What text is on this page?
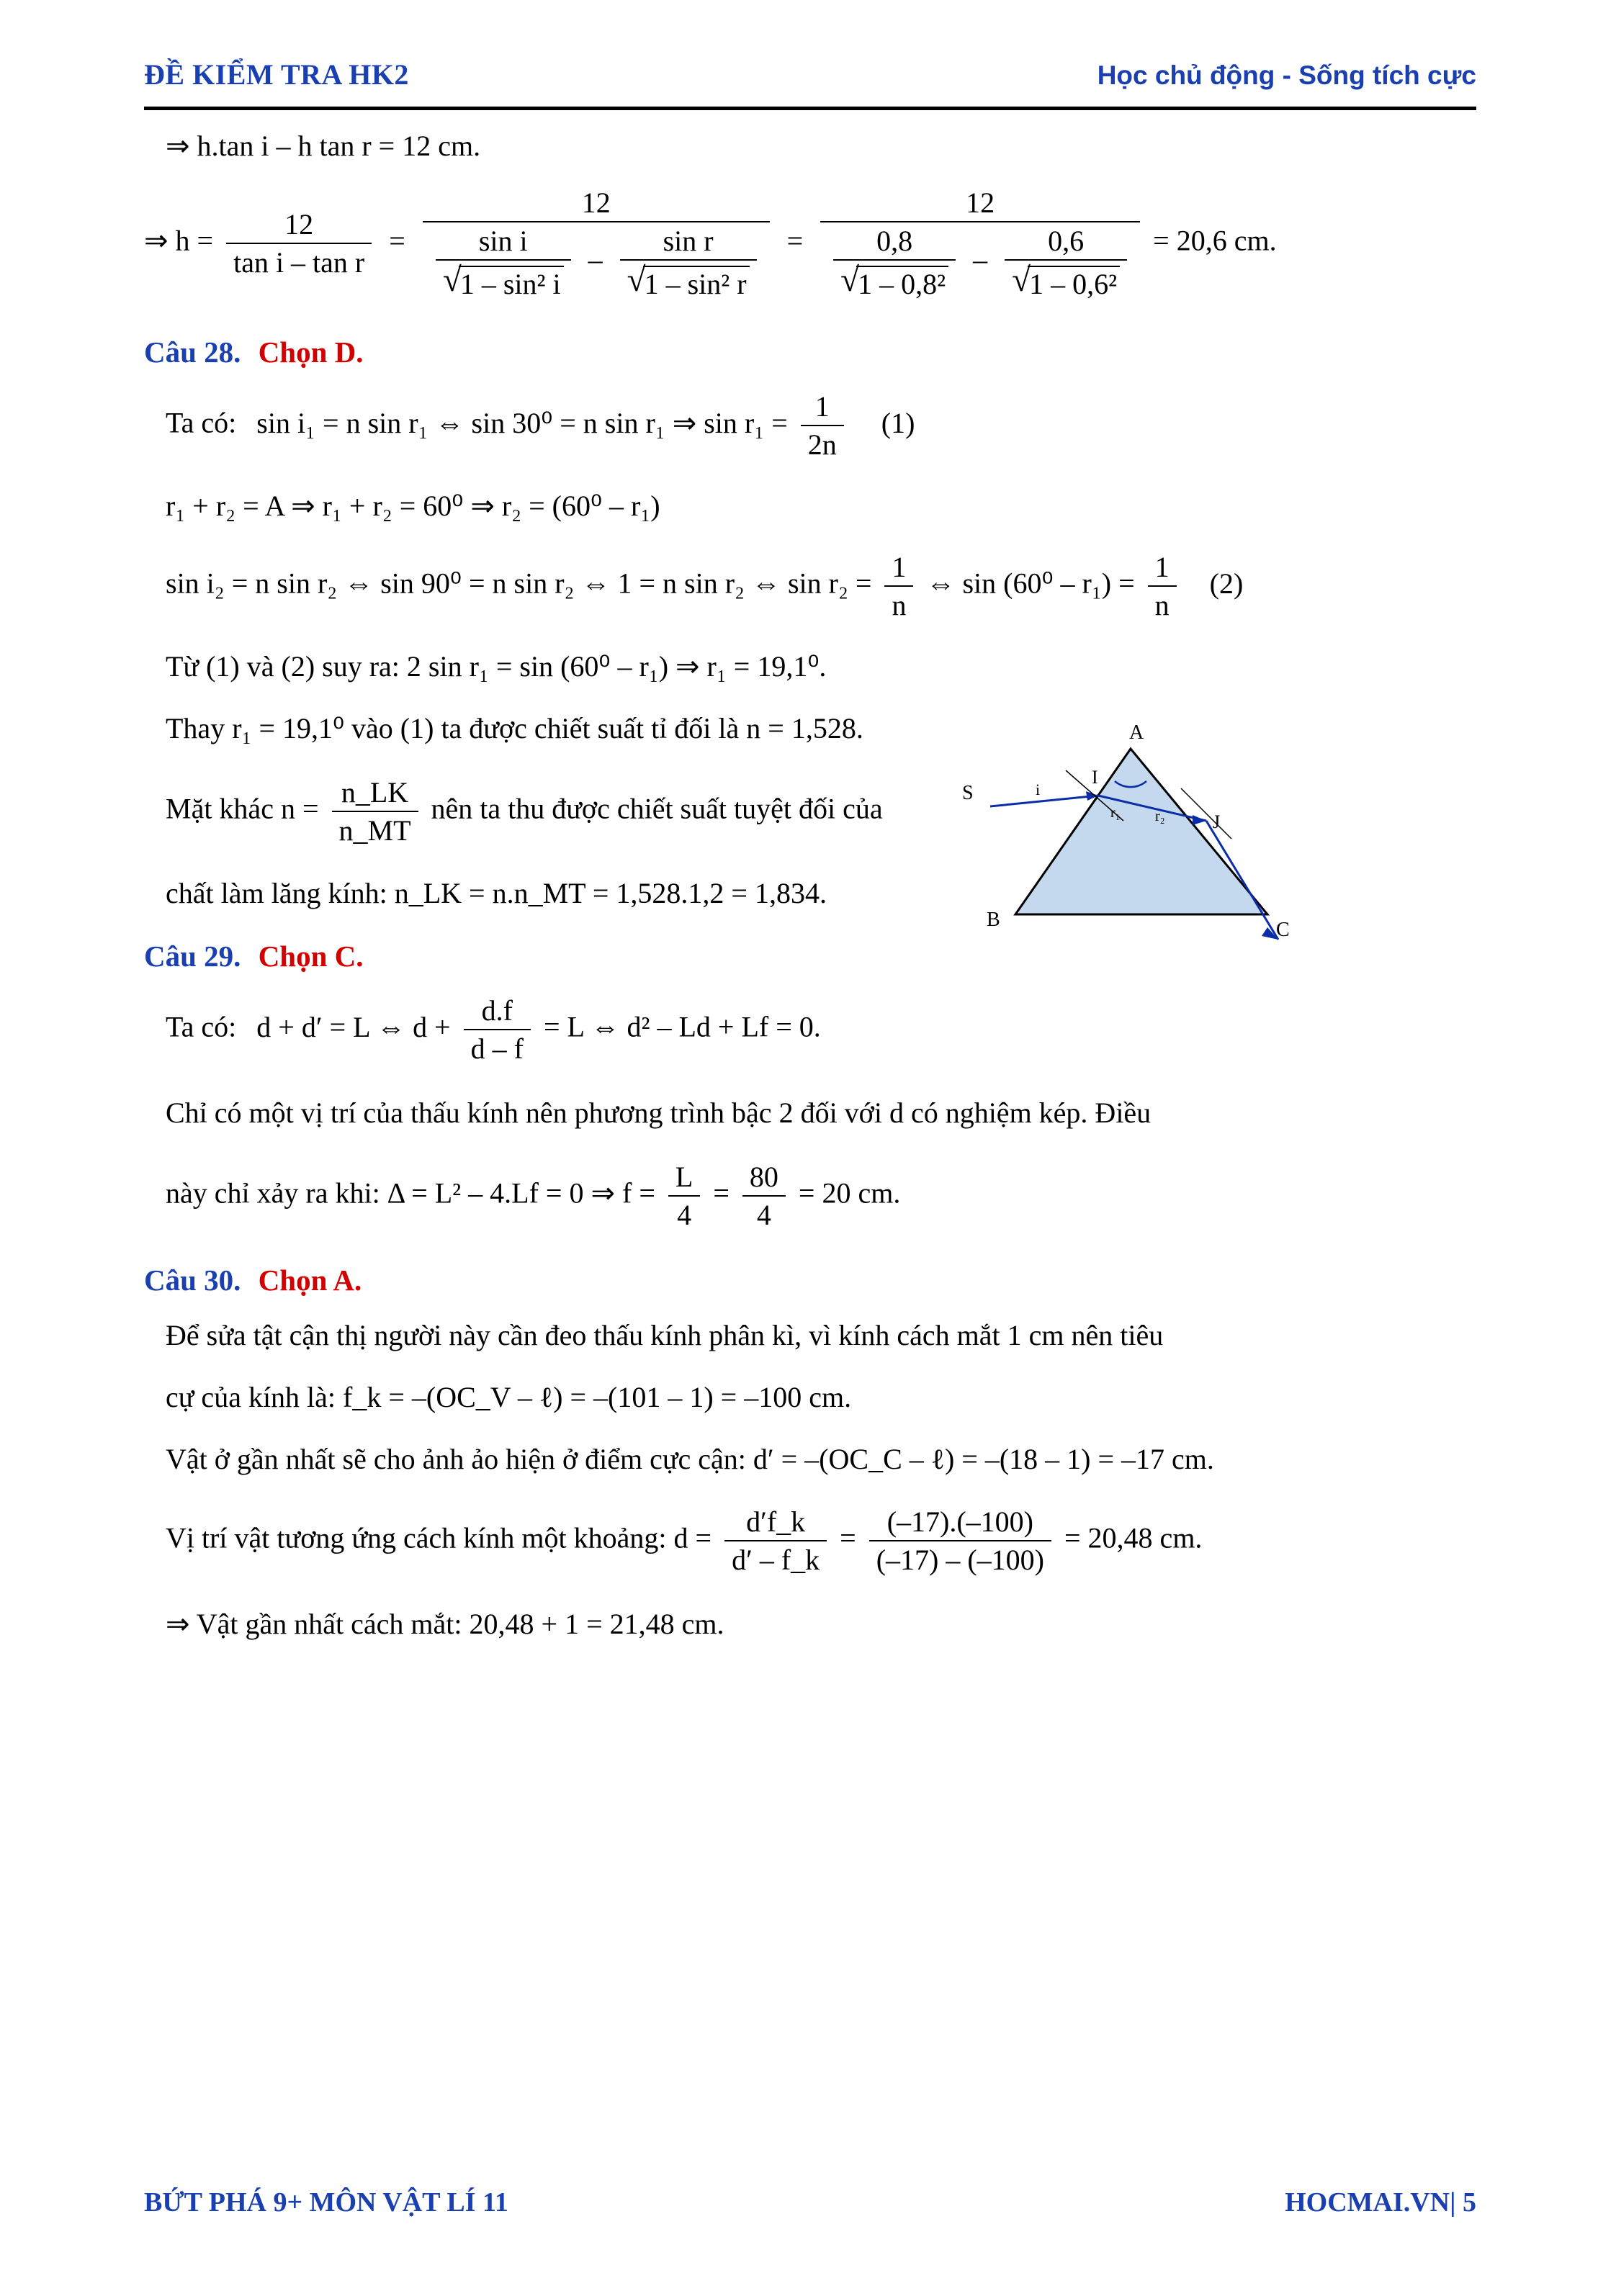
ĐỀ KIỂM TRA HK2	Học chủ động - Sống tích cực
⇒ h.tan i – h tan r = 12 cm.
⇒ $h = \frac{12}{\text{tan i – tan r}}$ =
12
sin i
√ 1 – sin² i – sin r
√ 1 – sin² r =
12
0,8
√ 1 – 0,8² – 0,6
√ 1 – 0,6² = 20,6 cm.
Câu 28. Chọn D.
Ta có: sin i₁ = n sin r₁ ⇔ sin 30⁰ = n sin r₁ ⇒ $\sin r_1 = \frac{1}{2n} (1)$
r₁ + r₂ = A ⇒ r₁ + r₂ = 60⁰ ⇒ r₂ = (60⁰ – r₁)
sin i₂ = n sin r₂ ⇔ sin 90⁰ = n sin r₂ ⇔ 1 = n sin r₂ ⇔ $\sin r_2 = \frac{1}{n}$ ⇔ $\sin (60^0 - r_1) = \frac{1}{n} (2)$
Từ (1) và (2) suy ra: 2 sin r₁ = sin (60⁰ – r₁) ⇒ r₁ = 19,1⁰.
Thay r₁ = 19,1⁰ vào (1) ta được chiết suất tỉ đối là n = 1,528.
Mặt khác $n = \frac{n\_LK}{n\_MT}$ nên ta thu được chiết suất tuyệt đối của
chất làm lăng kính: n_LK = n.n_MT = 1,528.1,2 = 1,834.
Câu 29. Chọn C.
Ta có: d + d′ = L ⇔ $d + \frac{d.f}{d - f} = L$ ⇔ d² – Ld + Lf = 0.
Chỉ có một vị trí của thấu kính nên phương trình bậc 2 đối với d có nghiệm kép. Điều
này chỉ xảy ra khi: Δ = L² – 4.Lf = 0 ⇒ $f = \frac{L}{4} = \frac{80}{4} = 20$ cm.
Câu 30. Chọn A.
Để sửa tật cận thị người này cần đeo thấu kính phân kì, vì kính cách mắt 1 cm nên tiêu
cự của kính là: f_k = –(OC_V – ℓ) = –(101 – 1) = –100 cm.
Vật ở gần nhất sẽ cho ảnh ảo hiện ở điểm cực cận: d′ = –(OC_C – ℓ) = –(18 – 1) = –17 cm.
Vị trí vật tương ứng cách kính một khoảng: $d = \frac{d'f\_k}{d' - f\_k} = \frac{(-17).(-100)}{(-17) - (-100)} = 20,48$ cm.
⇒ Vật gần nhất cách mắt: 20,48 + 1 = 21,48 cm.
A
B	C
S
I
J
i
r₁ r₂
BỨT PHÁ 9+ MÔN VẬT LÍ 11	HOCMAI.VN| 5
